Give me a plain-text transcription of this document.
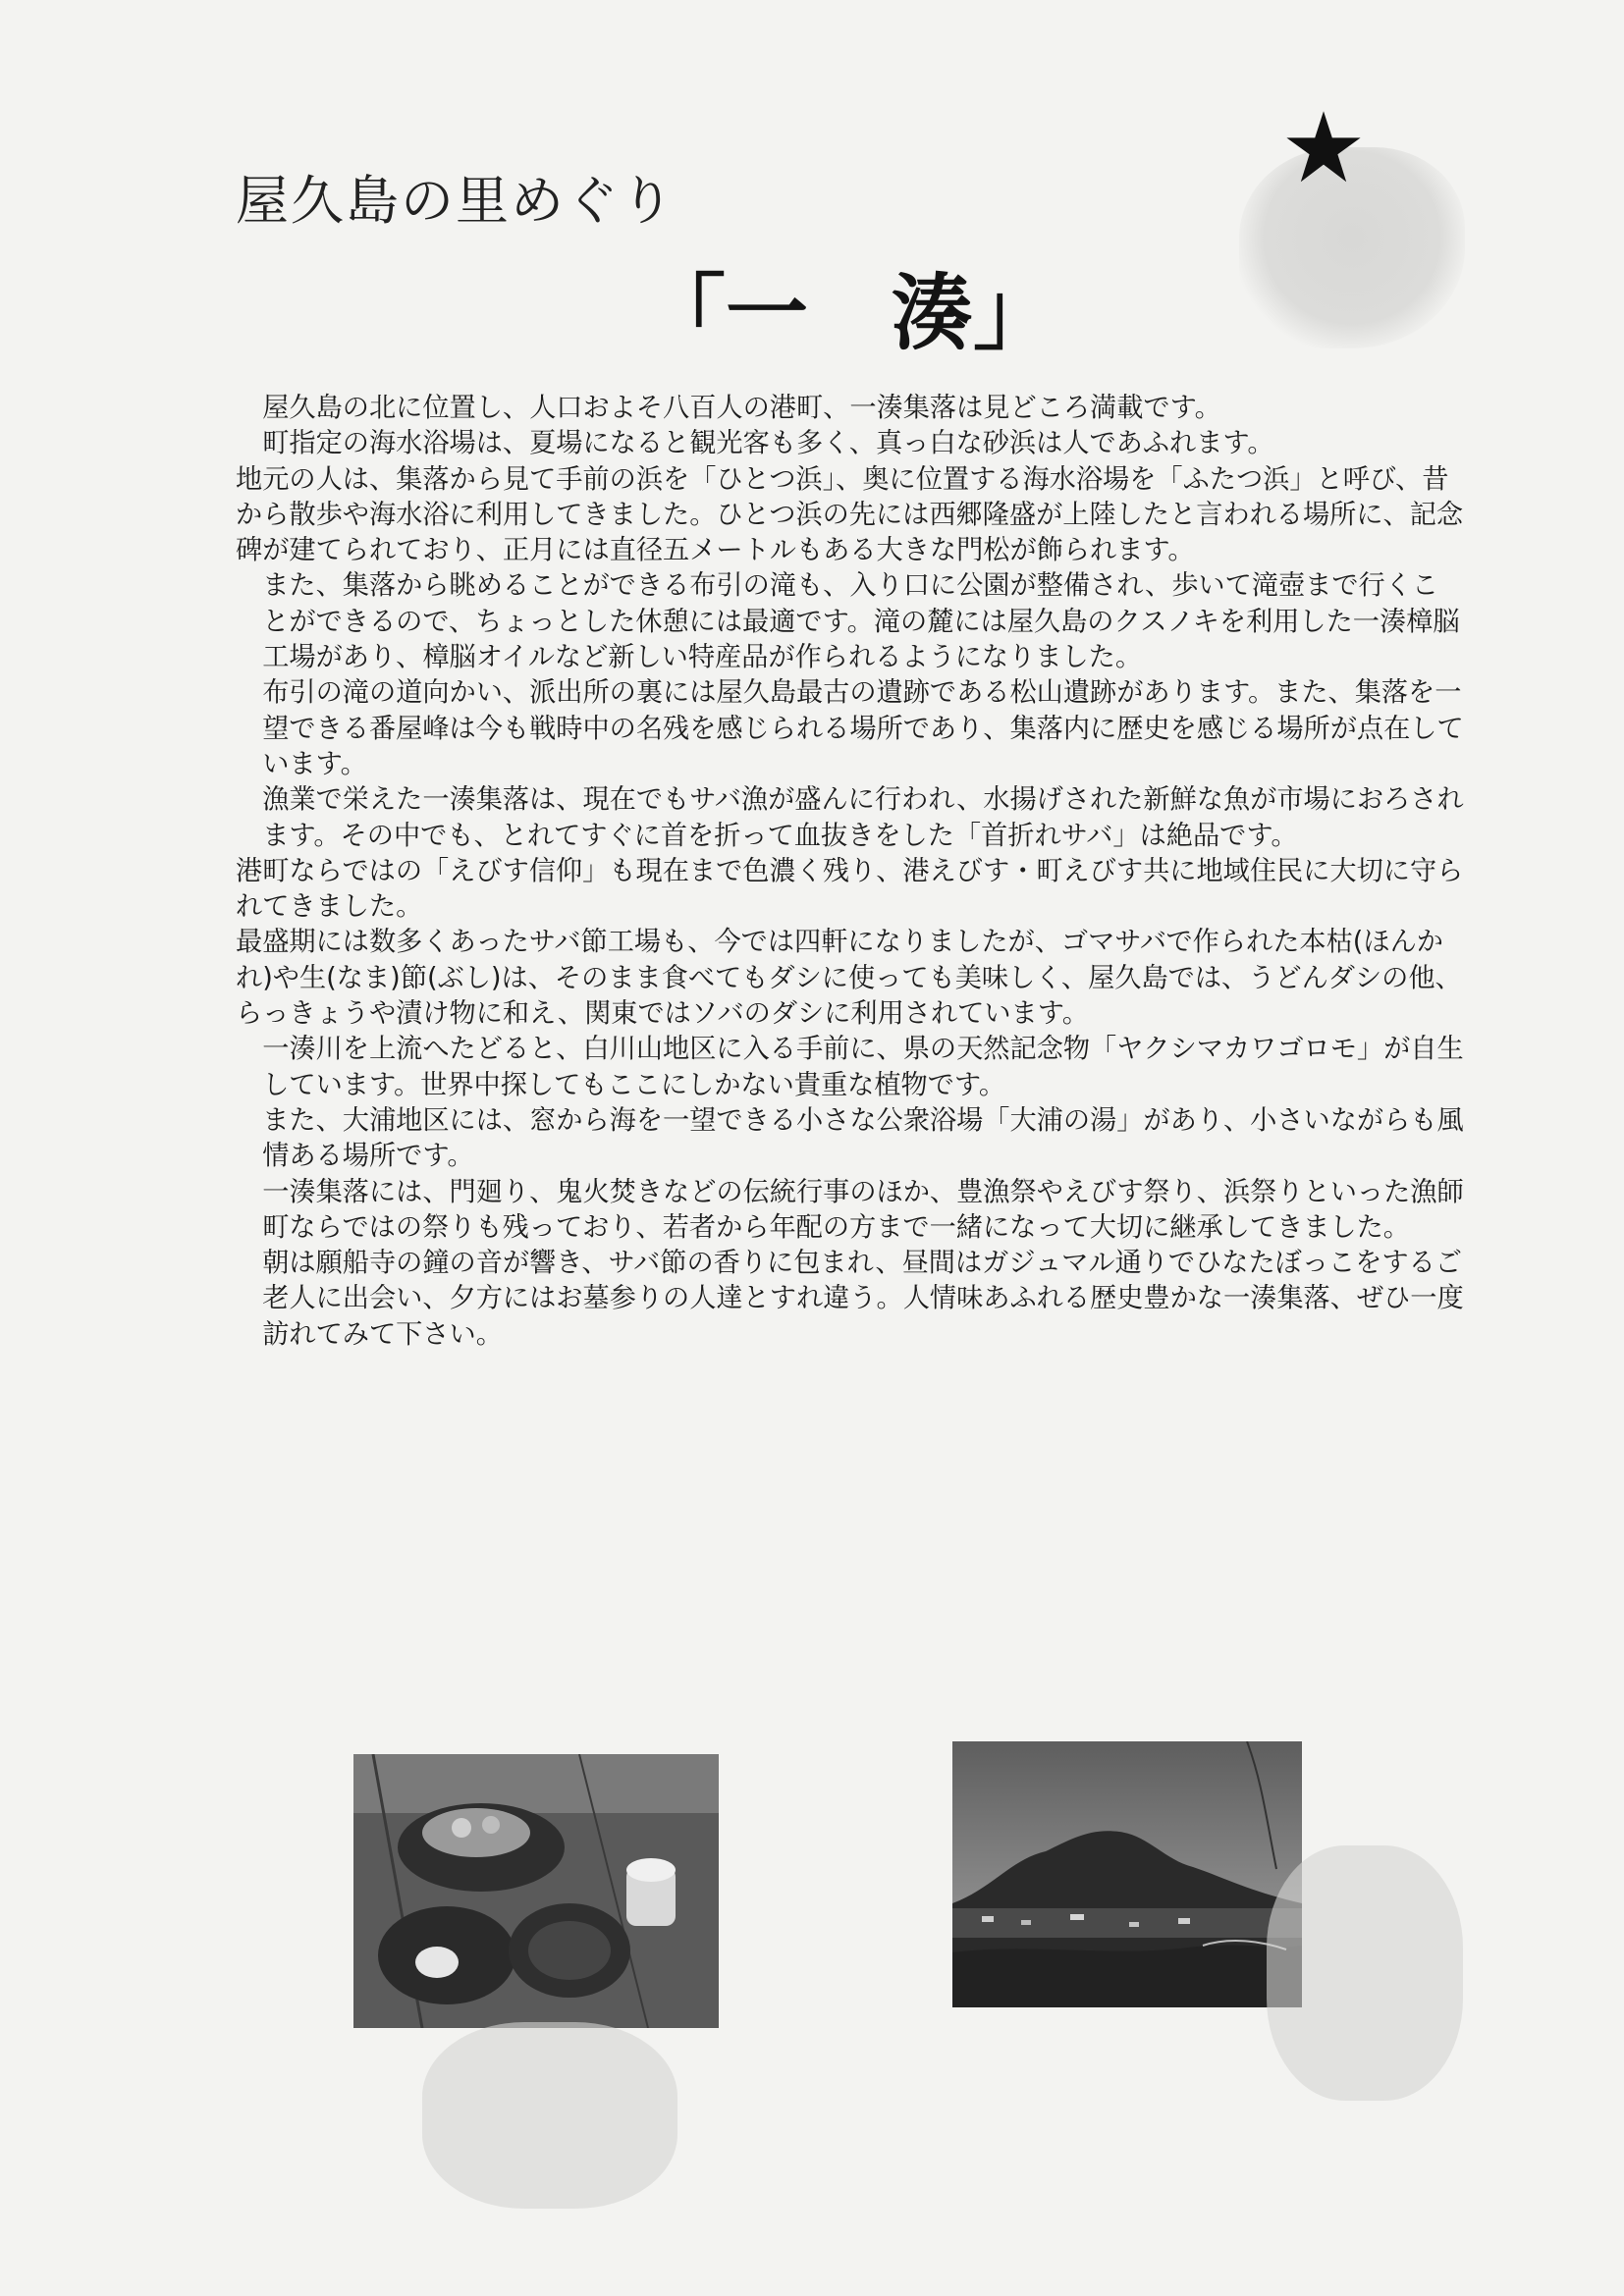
屋久島の里めぐり
「一　湊」

屋久島の北に位置し、人口およそ八百人の港町、一湊集落は見どころ満載です。

町指定の海水浴場は、夏場になると観光客も多く、真っ白な砂浜は人であふれます。

地元の人は、集落から見て手前の浜を「ひとつ浜」、奥に位置する海水浴場を「ふたつ浜」と呼び、昔から散歩や海水浴に利用してきました。ひとつ浜の先には西郷隆盛が上陸したと言われる場所に、記念碑が建てられており、正月には直径五メートルもある大きな門松が飾られます。

また、集落から眺めることができる布引の滝も、入り口に公園が整備され、歩いて滝壺まで行くことができるので、ちょっとした休憩には最適です。滝の麓には屋久島のクスノキを利用した一湊樟脳工場があり、樟脳オイルなど新しい特産品が作られるようになりました。

布引の滝の道向かい、派出所の裏には屋久島最古の遺跡である松山遺跡があります。また、集落を一望できる番屋峰は今も戦時中の名残を感じられる場所であり、集落内に歴史を感じる場所が点在しています。

漁業で栄えた一湊集落は、現在でもサバ漁が盛んに行われ、水揚げされた新鮮な魚が市場におろされます。その中でも、とれてすぐに首を折って血抜きをした「首折れサバ」は絶品です。

港町ならではの「えびす信仰」も現在まで色濃く残り、港えびす・町えびす共に地域住民に大切に守られてきました。

最盛期には数多くあったサバ節工場も、今では四軒になりましたが、ゴマサバで作られた本枯(ほんかれ)や生(なま)節(ぶし)は、そのまま食べてもダシに使っても美味しく、屋久島では、うどんダシの他、らっきょうや漬け物に和え、関東ではソバのダシに利用されています。

一湊川を上流へたどると、白川山地区に入る手前に、県の天然記念物「ヤクシマカワゴロモ」が自生しています。世界中探してもここにしかない貴重な植物です。

また、大浦地区には、窓から海を一望できる小さな公衆浴場「大浦の湯」があり、小さいながらも風情ある場所です。

一湊集落には、門廻り、鬼火焚きなどの伝統行事のほか、豊漁祭やえびす祭り、浜祭りといった漁師町ならではの祭りも残っており、若者から年配の方まで一緒になって大切に継承してきました。

朝は願船寺の鐘の音が響き、サバ節の香りに包まれ、昼間はガジュマル通りでひなたぼっこをするご老人に出会い、夕方にはお墓参りの人達とすれ違う。人情味あふれる歴史豊かな一湊集落、ぜひ一度訪れてみて下さい。
